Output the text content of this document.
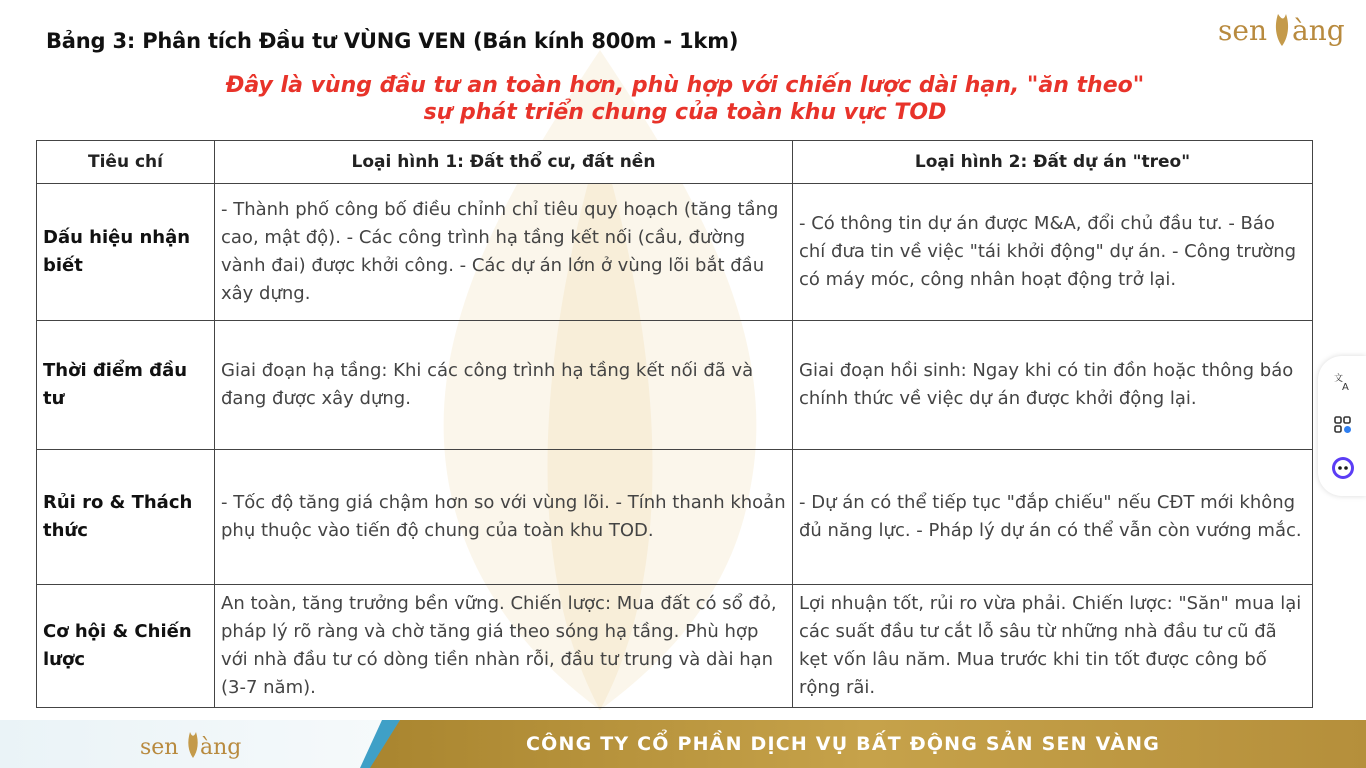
Bảng 3: Phân tích Đầu tư VÙNG VEN (Bán kính 800m - 1km)	sen àng
Đây là vùng đầu tư an toàn hơn, phù hợp với chiến lược dài hạn, "ăn theo" sự phát triển chung của toàn khu vực TOD
Tiêu chí	Loại hình 1: Đất thổ cư, đất nền	Loại hình 2: Đất dự án "treo"
Dấu hiệu nhận biết	- Thành phố công bố điều chỉnh chỉ tiêu quy hoạch (tăng tầng cao, mật độ). - Các công trình hạ tầng kết nối (cầu, đường vành đai) được khởi công. - Các dự án lớn ở vùng lõi bắt đầu xây dựng.	- Có thông tin dự án được M&A, đổi chủ đầu tư. - Báo chí đưa tin về việc "tái khởi động" dự án. - Công trường có máy móc, công nhân hoạt động trở lại.
Thời điểm đầu tư	Giai đoạn hạ tầng: Khi các công trình hạ tầng kết nối đã và đang được xây dựng.	Giai đoạn hồi sinh: Ngay khi có tin đồn hoặc thông báo chính thức về việc dự án được khởi động lại.
Rủi ro & Thách thức	- Tốc độ tăng giá chậm hơn so với vùng lõi. - Tính thanh khoản phụ thuộc vào tiến độ chung của toàn khu TOD.	- Dự án có thể tiếp tục "đắp chiếu" nếu CĐT mới không đủ năng lực. - Pháp lý dự án có thể vẫn còn vướng mắc.
Cơ hội & Chiến lược	An toàn, tăng trưởng bền vững. Chiến lược: Mua đất có sổ đỏ, pháp lý rõ ràng và chờ tăng giá theo sóng hạ tầng. Phù hợp với nhà đầu tư có dòng tiền nhàn rỗi, đầu tư trung và dài hạn (3-7 năm).	Lợi nhuận tốt, rủi ro vừa phải. Chiến lược: "Săn" mua lại các suất đầu tư cắt lỗ sâu từ những nhà đầu tư cũ đã kẹt vốn lâu năm. Mua trước khi tin tốt được công bố rộng rãi.
sen àng	CÔNG TY CỔ PHẦN DỊCH VỤ BẤT ĐỘNG SẢN SEN VÀNG
文
A
